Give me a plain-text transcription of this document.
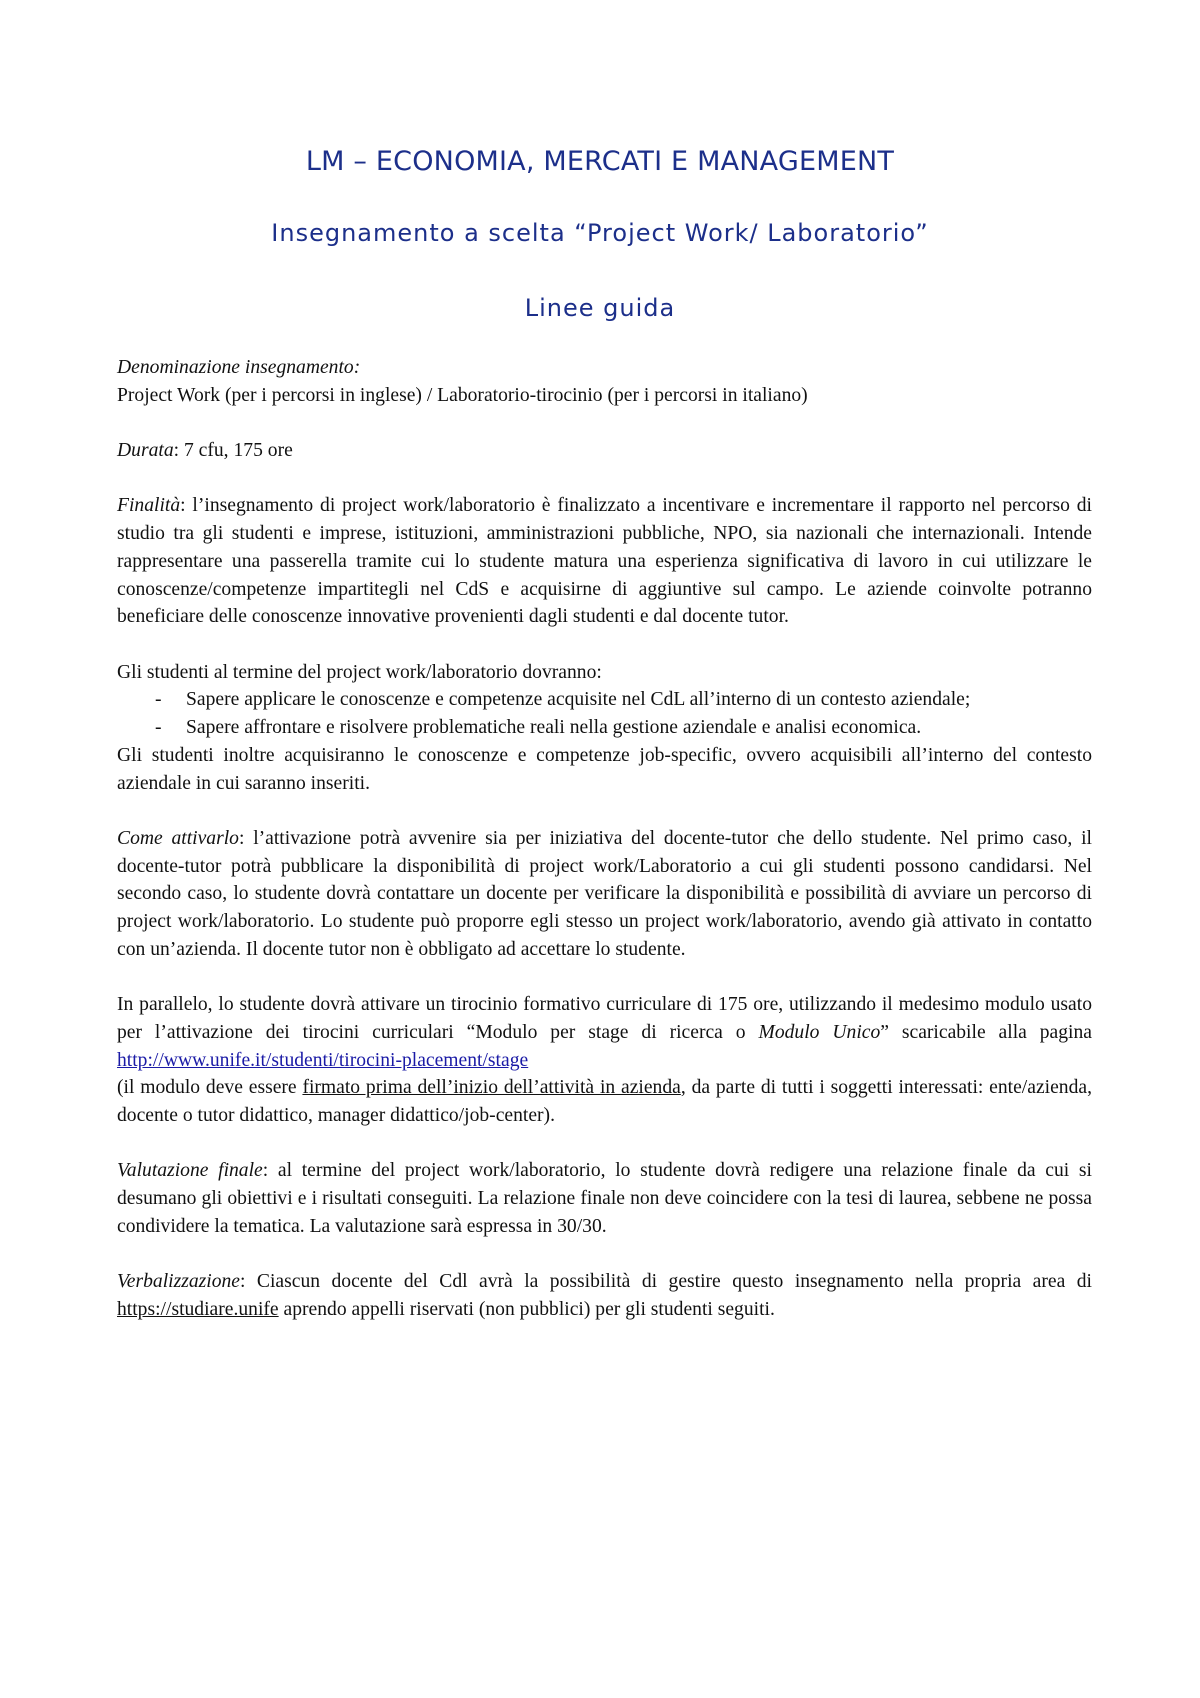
LM – ECONOMIA, MERCATI E MANAGEMENT
Insegnamento a scelta “Project Work/ Laboratorio”
Linee guida

Denominazione insegnamento:

Project Work (per i percorsi in inglese) / Laboratorio-tirocinio (per i percorsi in italiano)

Durata: 7 cfu, 175 ore

Finalità: l’insegnamento di project work/laboratorio è finalizzato a incentivare e incrementare il rapporto nel percorso di studio tra gli studenti e imprese, istituzioni, amministrazioni pubbliche, NPO, sia nazionali che internazionali. Intende rappresentare una passerella tramite cui lo studente matura una esperienza significativa di lavoro in cui utilizzare le conoscenze/competenze impartitegli nel CdS e acquisirne di aggiuntive sul campo. Le aziende coinvolte potranno beneficiare delle conoscenze innovative provenienti dagli studenti e dal docente tutor.

Gli studenti al termine del project work/laboratorio dovranno:

- Sapere applicare le conoscenze e competenze acquisite nel CdL all’interno di un contesto aziendale;
- Sapere affrontare e risolvere problematiche reali nella gestione aziendale e analisi economica.

Gli studenti inoltre acquisiranno le conoscenze e competenze job-specific, ovvero acquisibili all’interno del contesto aziendale in cui saranno inseriti.

Come attivarlo: l’attivazione potrà avvenire sia per iniziativa del docente-tutor che dello studente. Nel primo caso, il docente-tutor potrà pubblicare la disponibilità di project work/Laboratorio a cui gli studenti possono candidarsi. Nel secondo caso, lo studente dovrà contattare un docente per verificare la disponibilità e possibilità di avviare un percorso di project work/laboratorio. Lo studente può proporre egli stesso un project work/laboratorio, avendo già attivato in contatto con un’azienda. Il docente tutor non è obbligato ad accettare lo studente.

In parallelo, lo studente dovrà attivare un tirocinio formativo curriculare di 175 ore, utilizzando il medesimo modulo usato per l’attivazione dei tirocini curriculari “Modulo per stage di ricerca o Modulo Unico” scaricabile alla pagina http://www.unife.it/studenti/tirocini-placement/stage

(il modulo deve essere firmato prima dell’inizio dell’attività in azienda, da parte di tutti i soggetti interessati: ente/azienda, docente o tutor didattico, manager didattico/job-center).

Valutazione finale: al termine del project work/laboratorio, lo studente dovrà redigere una relazione finale da cui si desumano gli obiettivi e i risultati conseguiti. La relazione finale non deve coincidere con la tesi di laurea, sebbene ne possa condividere la tematica. La valutazione sarà espressa in 30/30.

Verbalizzazione: Ciascun docente del Cdl avrà la possibilità di gestire questo insegnamento nella propria area di https://studiare.unife aprendo appelli riservati (non pubblici) per gli studenti seguiti.
